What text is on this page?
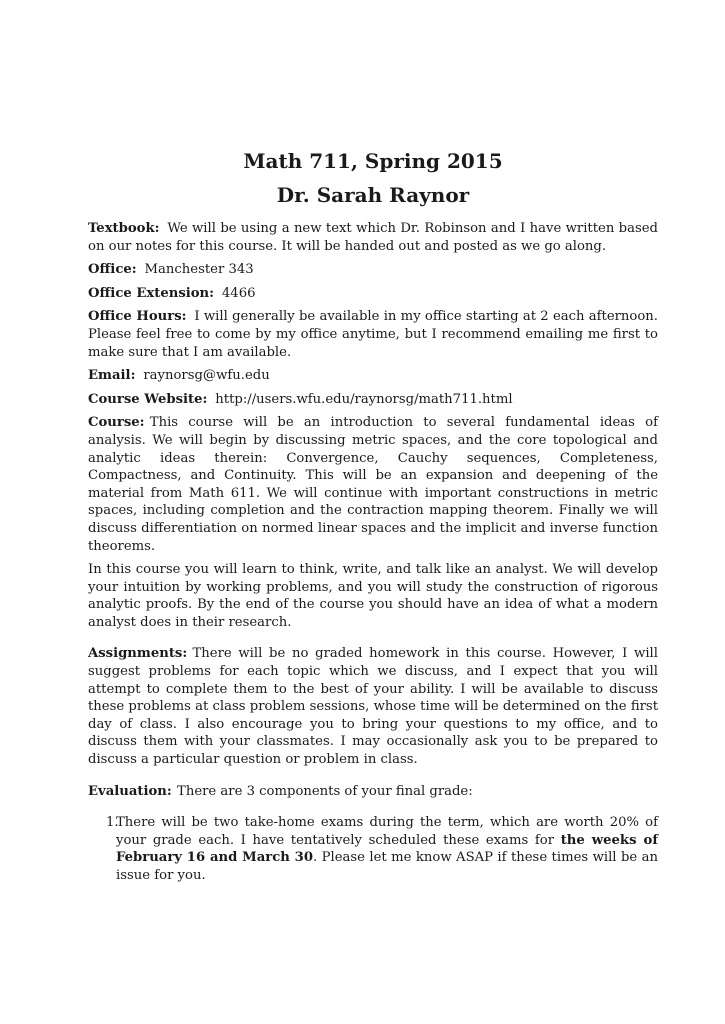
Math 711, Spring 2015
Dr. Sarah Raynor

Textbook: We will be using a new text which Dr. Robinson and I have written based on our notes for this course. It will be handed out and posted as we go along.

Office: Manchester 343

Office Extension: 4466

Office Hours: I will generally be available in my office starting at 2 each afternoon. Please feel free to come by my office anytime, but I recommend emailing me first to make sure that I am available.

Email: raynorsg@wfu.edu

Course Website: http://users.wfu.edu/raynorsg/math711.html

Course: This course will be an introduction to several fundamental ideas of analysis. We will begin by discussing metric spaces, and the core topological and analytic ideas therein: Convergence, Cauchy sequences, Completeness, Compactness, and Continuity. This will be an expansion and deepening of the material from Math 611. We will continue with important constructions in metric spaces, including completion and the contraction mapping theorem. Finally we will discuss differentiation on normed linear spaces and the implicit and inverse function theorems.

In this course you will learn to think, write, and talk like an analyst. We will develop your intuition by working problems, and you will study the construction of rigorous analytic proofs. By the end of the course you should have an idea of what a modern analyst does in their research.

Assignments: There will be no graded homework in this course. However, I will suggest problems for each topic which we discuss, and I expect that you will attempt to complete them to the best of your ability. I will be available to discuss these problems at class problem sessions, whose time will be determined on the first day of class. I also encourage you to bring your questions to my office, and to discuss them with your classmates. I may occasionally ask you to be prepared to discuss a particular question or problem in class.

Evaluation: There are 3 components of your final grade:

1.
There will be two take-home exams during the term, which are worth 20% of your grade each. I have tentatively scheduled these exams for the weeks of February 16 and March 30. Please let me know ASAP if these times will be an issue for you.
